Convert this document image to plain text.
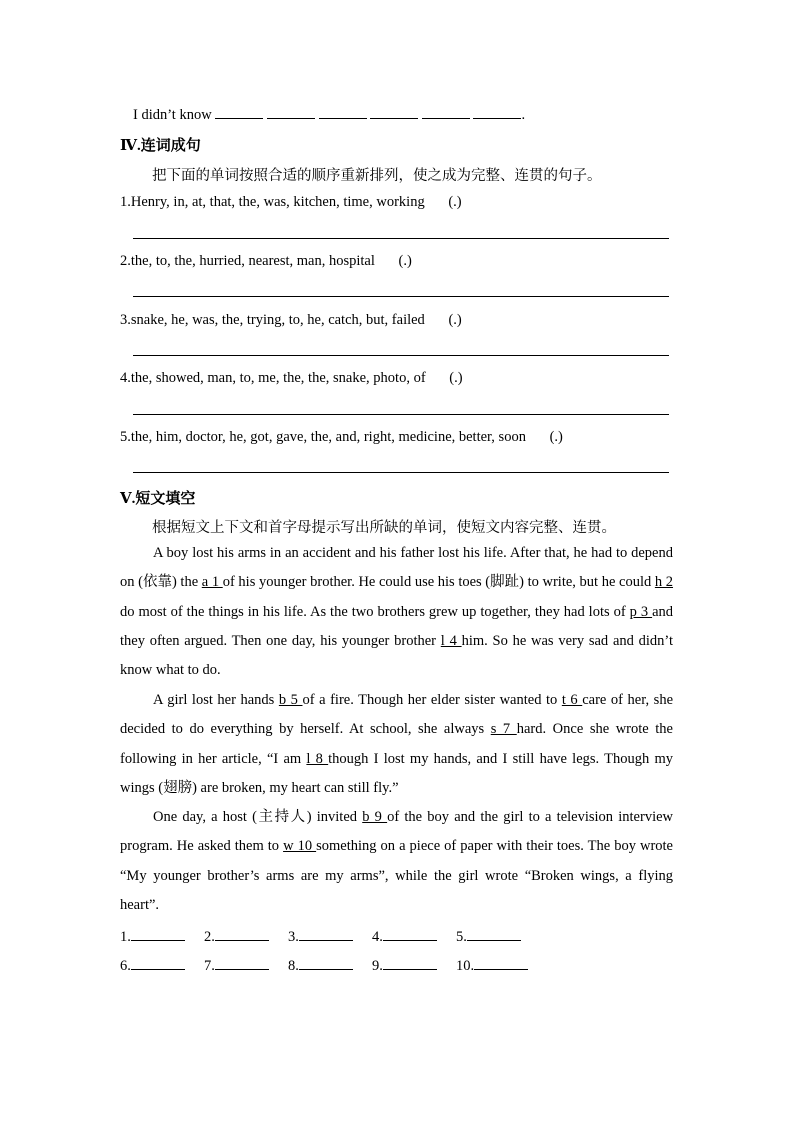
I didn’t know	.
Ⅳ.连词成句
把下面的单词按照合适的顺序重新排列，使之成为完整、连贯的句子。
1.Henry, in, at, that, the, was, kitchen, time, working (.)
2.the, to, the, hurried, nearest, man, hospital (.)
3.snake, he, was, the, trying, to, he, catch, but, failed (.)
4.the, showed, man, to, me, the, the, snake, photo, of (.)
5.the, him, doctor, he, got, gave, the, and, right, medicine, better, soon (.)
Ⅴ.短文填空
根据短文上下文和首字母提示写出所缺的单词，使短文内容完整、连贯。
A boy lost his arms in an accident and his father lost his life. After that, he had to depend on (依靠) the a 1 of his younger brother. He could use his toes (脚趾) to write, but he could h 2 do most of the things in his life. As the two brothers grew up together, they had lots of p 3 and they often argued. Then one day, his younger brother l 4 him. So he was very sad and didn’t know what to do.
A girl lost her hands b 5 of a fire. Though her elder sister wanted to t 6 care of her, she decided to do everything by herself. At school, she always s 7 hard. Once she wrote the following in her article, “I am l 8 though I lost my hands, and I still have legs. Though my wings (翅膀) are broken, my heart can still fly.”
One day, a host (主持人) invited b 9 of the boy and the girl to a television interview program. He asked them to w 10 something on a piece of paper with their toes. The boy wrote “My younger brother’s arms are my arms”, while the girl wrote “Broken wings, a flying heart”.
1.	2.	3.	4.	5.
6.	7.	8.	9.	10.
